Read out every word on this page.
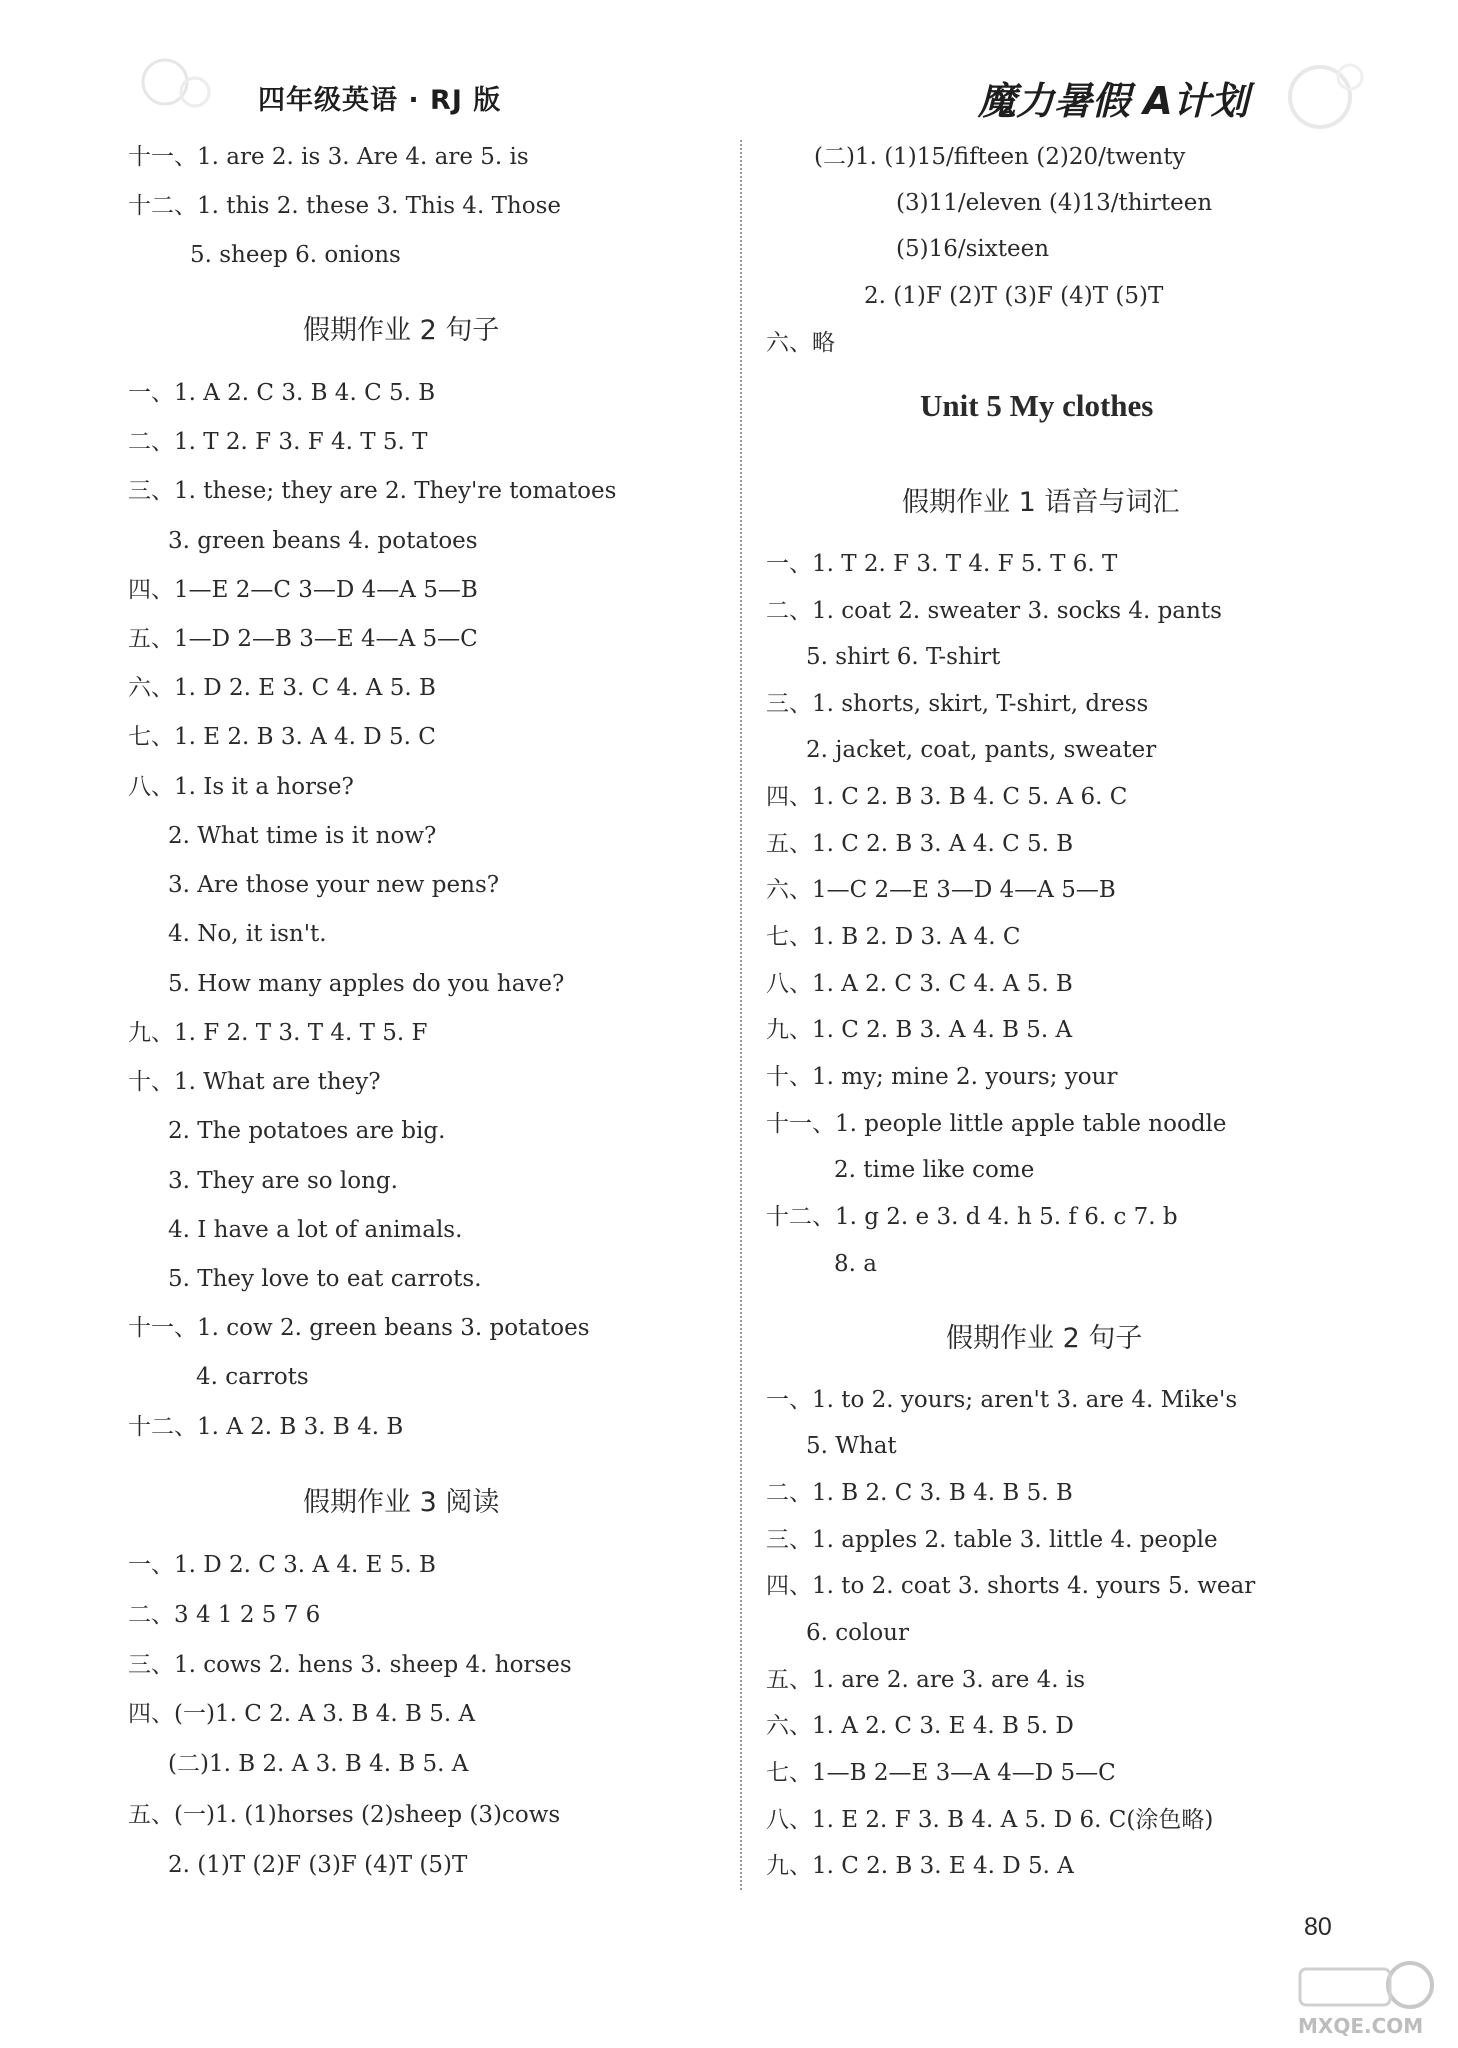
四年级英语 · RJ 版	魔力暑假 A计划
十一、1. are 2. is 3. Are 4. are 5. is
十二、1. this 2. these 3. This 4. Those
5. sheep 6. onions
假期作业 2 句子
一、1. A 2. C 3. B 4. C 5. B
二、1. T 2. F 3. F 4. T 5. T
三、1. these; they are 2. They're tomatoes
3. green beans 4. potatoes
四、1—E 2—C 3—D 4—A 5—B
五、1—D 2—B 3—E 4—A 5—C
六、1. D 2. E 3. C 4. A 5. B
七、1. E 2. B 3. A 4. D 5. C
八、1. Is it a horse?
2. What time is it now?
3. Are those your new pens?
4. No, it isn't.
5. How many apples do you have?
九、1. F 2. T 3. T 4. T 5. F
十、1. What are they?
2. The potatoes are big.
3. They are so long.
4. I have a lot of animals.
5. They love to eat carrots.
十一、1. cow 2. green beans 3. potatoes
4. carrots
十二、1. A 2. B 3. B 4. B
假期作业 3 阅读
一、1. D 2. C 3. A 4. E 5. B
二、3 4 1 2 5 7 6
三、1. cows 2. hens 3. sheep 4. horses
四、(一)1. C 2. A 3. B 4. B 5. A
(二)1. B 2. A 3. B 4. B 5. A
五、(一)1. (1)horses (2)sheep (3)cows
2. (1)T (2)F (3)F (4)T (5)T
(二)1. (1)15/fifteen (2)20/twenty
(3)11/eleven (4)13/thirteen
(5)16/sixteen
2. (1)F (2)T (3)F (4)T (5)T
六、略
Unit 5 My clothes
假期作业 1 语音与词汇
一、1. T 2. F 3. T 4. F 5. T 6. T
二、1. coat 2. sweater 3. socks 4. pants
5. shirt 6. T-shirt
三、1. shorts, skirt, T-shirt, dress
2. jacket, coat, pants, sweater
四、1. C 2. B 3. B 4. C 5. A 6. C
五、1. C 2. B 3. A 4. C 5. B
六、1—C 2—E 3—D 4—A 5—B
七、1. B 2. D 3. A 4. C
八、1. A 2. C 3. C 4. A 5. B
九、1. C 2. B 3. A 4. B 5. A
十、1. my; mine 2. yours; your
十一、1. people little apple table noodle
2. time like come
十二、1. g 2. e 3. d 4. h 5. f 6. c 7. b
8. a
假期作业 2 句子
一、1. to 2. yours; aren't 3. are 4. Mike's
5. What
二、1. B 2. C 3. B 4. B 5. B
三、1. apples 2. table 3. little 4. people
四、1. to 2. coat 3. shorts 4. yours 5. wear
6. colour
五、1. are 2. are 3. are 4. is
六、1. A 2. C 3. E 4. B 5. D
七、1—B 2—E 3—A 4—D 5—C
八、1. E 2. F 3. B 4. A 5. D 6. C(涂色略)
九、1. C 2. B 3. E 4. D 5. A
80
MXQE.COM
